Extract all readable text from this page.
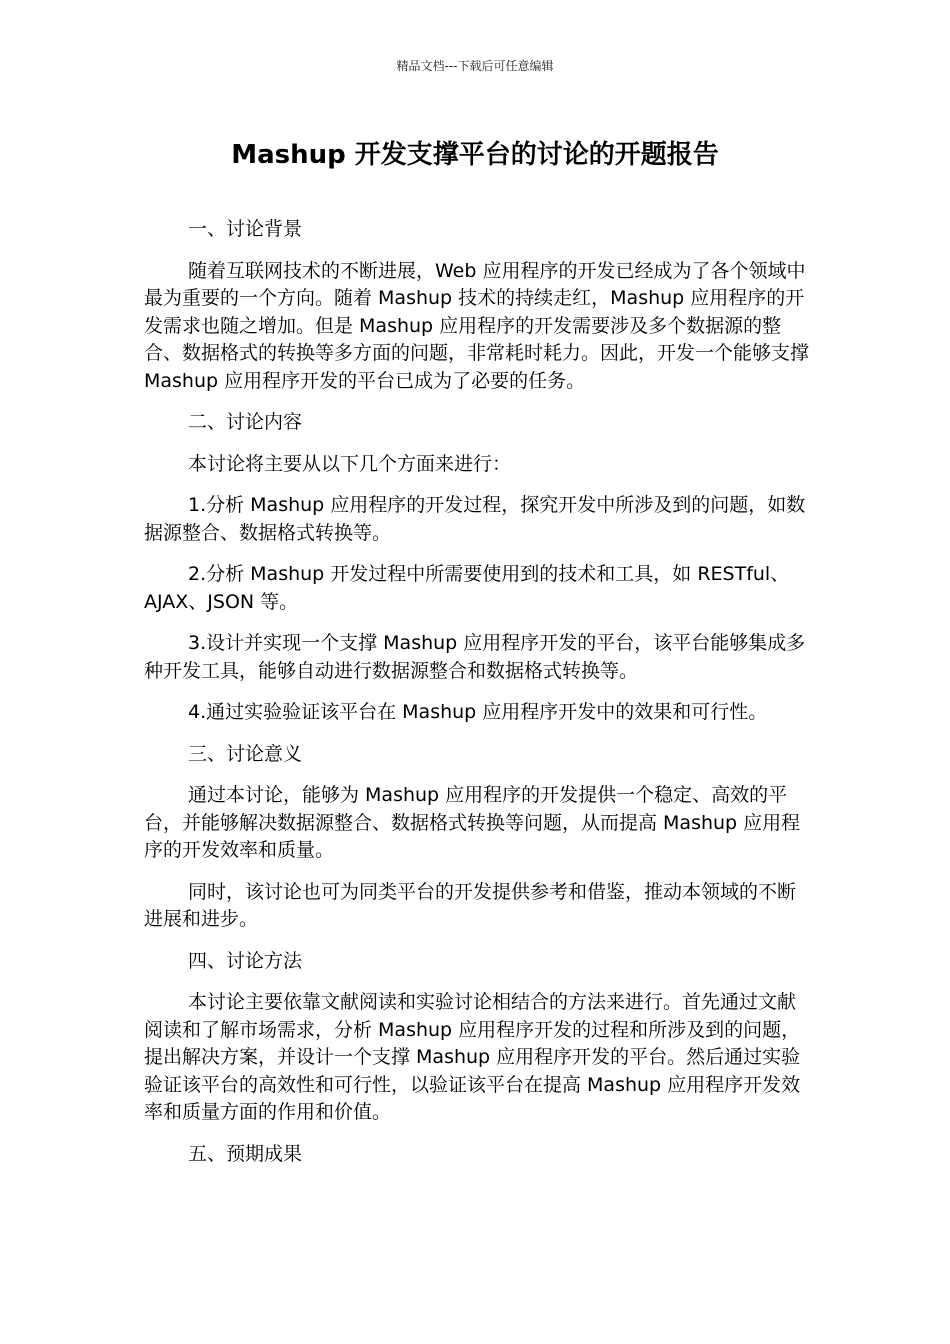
精品文档---下载后可任意编辑
Mashup 开发支撑平台的讨论的开题报告

一、讨论背景

随着互联网技术的不断进展，Web 应用程序的开发已经成为了各个领域中最为重要的一个方向。随着 Mashup 技术的持续走红，Mashup 应用程序的开发需求也随之增加。但是 Mashup 应用程序的开发需要涉及多个数据源的整合、数据格式的转换等多方面的问题，非常耗时耗力。因此，开发一个能够支撑 Mashup 应用程序开发的平台已成为了必要的任务。

二、讨论内容

本讨论将主要从以下几个方面来进行：

1.分析 Mashup 应用程序的开发过程，探究开发中所涉及到的问题，如数据源整合、数据格式转换等。

2.分析 Mashup 开发过程中所需要使用到的技术和工具，如 RESTful、AJAX、JSON 等。

3.设计并实现一个支撑 Mashup 应用程序开发的平台，该平台能够集成多种开发工具，能够自动进行数据源整合和数据格式转换等。

4.通过实验验证该平台在 Mashup 应用程序开发中的效果和可行性。

三、讨论意义

通过本讨论，能够为 Mashup 应用程序的开发提供一个稳定、高效的平台，并能够解决数据源整合、数据格式转换等问题，从而提高 Mashup 应用程序的开发效率和质量。

同时，该讨论也可为同类平台的开发提供参考和借鉴，推动本领域的不断进展和进步。

四、讨论方法

本讨论主要依靠文献阅读和实验讨论相结合的方法来进行。首先通过文献阅读和了解市场需求，分析 Mashup 应用程序开发的过程和所涉及到的问题，提出解决方案，并设计一个支撑 Mashup 应用程序开发的平台。然后通过实验验证该平台的高效性和可行性，以验证该平台在提高 Mashup 应用程序开发效率和质量方面的作用和价值。

五、预期成果
